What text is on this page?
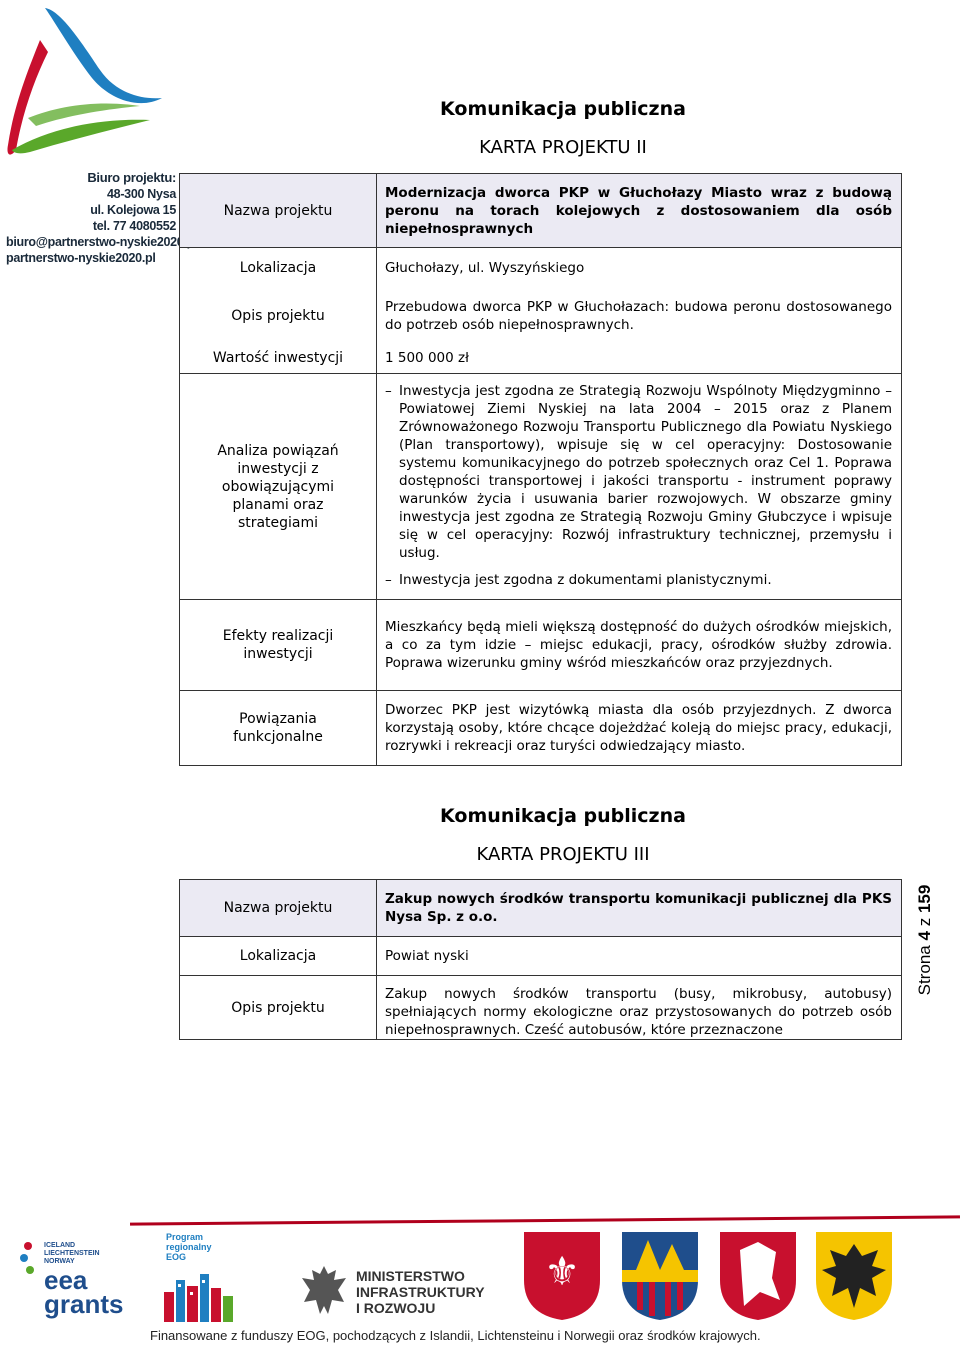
Biuro projektu:
48-300 Nysa
ul. Kolejowa 15
tel. 77 4080552
biuro@partnerstwo-nyskie2020.pl
partnerstwo-nyskie2020.pl
Komunikacja publiczna
KARTA PROJEKTU II
Nazwa projektu	Modernizacja dworca PKP w Głuchołazy Miasto wraz z budową peronu na torach kolejowych z dostosowaniem dla osób niepełnosprawnych
Lokalizacja	Głuchołazy, ul. Wyszyńskiego
Opis projektu	Przebudowa dworca PKP w Głuchołazach: budowa peronu dostosowanego do potrzeb osób niepełnosprawnych.
Wartość inwestycji	1 500 000 zł
Analiza powiązań inwestycji z obowiązującymi planami oraz strategiami	– Inwestycja jest zgodna ze Strategią Rozwoju Wspólnoty Międzygminno – Powiatowej Ziemi Nyskiej na lata 2004 – 2015 oraz z Planem Zrównoważonego Rozwoju Transportu Publicznego dla Powiatu Nyskiego (Plan transportowy), wpisuje się w cel operacyjny: Dostosowanie systemu komunikacyjnego do potrzeb społecznych oraz Cel 1. Poprawa dostępności transportowej i jakości transportu - instrument poprawy warunków życia i usuwania barier rozwojowych. W obszarze gminy inwestycja jest zgodna ze Strategią Rozwoju Gminy Głubczyce i wpisuje się w cel operacyjny: Rozwój infrastruktury technicznej, przemysłu i usług.
– Inwestycja jest zgodna z dokumentami planistycznymi.

Efekty realizacji inwestycji	Mieszkańcy będą mieli większą dostępność do dużych ośrodków miejskich, a co za tym idzie – miejsc edukacji, pracy, ośrodków służby zdrowia. Poprawa wizerunku gminy wśród mieszkańców oraz przyjezdnych.
Powiązania funkcjonalne	Dworzec PKP jest wizytówką miasta dla osób przyjezdnych. Z dworca korzystają osoby, które chcące dojeżdżać koleją do miejsc pracy, edukacji, rozrywki i rekreacji oraz turyści odwiedzający miasto.
Komunikacja publiczna
KARTA PROJEKTU III
Nazwa projektu	Zakup nowych środków transportu komunikacji publicznej dla PKS Nysa Sp. z o.o.
Lokalizacja	Powiat nyski
Opis projektu	Zakup nowych środków transportu (busy, mikrobusy, autobusy) spełniających normy ekologiczne oraz przystosowanych do potrzeb osób niepełnosprawnych. Cześć autobusów, które przeznaczone
Strona 4 z 159
ICELAND
LIECHTENSTEIN
NORWAY
eea
grants
Program
regionalny
EOG
MINISTERSTWO
INFRASTRUKTURY
I ROZWOJU
⚜
Finansowane z funduszy EOG, pochodzących z Islandii, Lichtensteinu i Norwegii oraz środków krajowych.
